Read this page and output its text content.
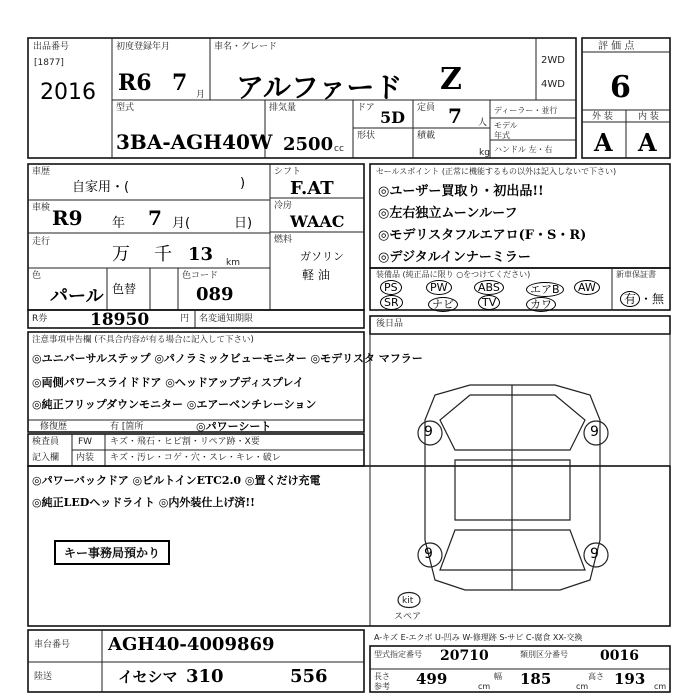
出品番号
[1877]
2016
初度登録年月
R6 7 月
車名・グレード
アルファード Z
2WD
4WD
評 価 点
6
外 装	内 装
A A
型式
3BA-AGH40W
排気量
2500 cc
ドア 5D
形状
定員 7 人
積載
kg
ディーラー・並行
モデル
年式
ハンドル 左・右
車歴
自家用・(	)
車検 R9 年 7 月(	日)
走行
万 千 13 km
色
パール 色替
色コード
089
シフト
F.AT
冷房
WAAC
燃料
ガソリン
軽 油
R券	18950	円 名変通知期限
セールスポイント (正常に機能するもの以外は記入しないで下さい)
◎ユーザー買取り・初出品!!
◎左右独立ムーンルーフ
◎モデリスタフルエアロ(F・S・R)
◎デジタルインナーミラー
装備品 (純正品に限り ○をつけてください)	新車保証書
PS	PW	ABS	エアB	AW
SR	ナビ	TV	カワ	有 ・無
後日品
注意事項申告欄 (不具合内容が有る場合に記入して下さい)
◎ユニバーサルステップ ◎パノラミックビューモニター ◎モデリスタ マフラー
◎両側パワースライドドア ◎ヘッドアップディスプレイ
◎純正フリップダウンモニター ◎エアーベンチレーション
修復歴	有 [箇所	◎パワーシート
検査員
記入欄
FW キズ・飛石・ヒビ割・リペア跡・X要
内装 キズ・汚レ・コゲ・穴・スレ・キレ・破レ
◎パワーバックドア ◎ビルトインETC2.0 ◎置くだけ充電
◎純正LEDヘッドライト ◎内外装仕上げ済!!
キー事務局預かり
9	9
9	9
kit
スペア
車台番号 AGH40-4009869
陸送	イセシマ 310	556
A-キズ E-エクボ U-凹み W-修理跡 S-サビ C-腐食 XX-交換
型式指定番号 20710	類別区分番号 0016
長さ
参考 499	cm
幅 185	cm
高さ 193 cm
